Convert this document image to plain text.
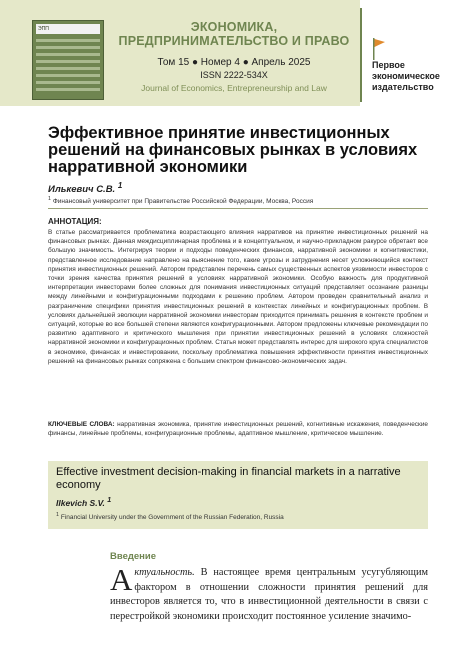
ЭПП	ЭКОНОМИКА,
ПРЕДПРИНИМАТЕЛЬСТВО И ПРАВО
Том 15 ● Номер 4 ● Апрель 2025
ISSN 2222-534X
Journal of Economics, Entrepreneurship and Law
Первое
экономическое
издательство
Эффективное принятие инвестиционных решений на финансовых рынках в условиях нарративной экономики
Илькевич С.В. $^1$
$^1$ Финансовый университет при Правительстве Российской Федерации, Москва, Россия
АННОТАЦИЯ:
В статье рассматривается проблематика возрастающего влияния нарративов на принятие инвестиционных решений на финансовых рынках. Данная междисциплинарная проблема и в концептуальном, и научно-прикладном ракурсе обретает все большую значимость. Интегрируя теории и подходы поведенческих финансов, нарративной экономики и когнитивистики, представленное исследование направлено на выяснение того, какие угрозы и затруднения несет усложняющийся контекст принятия инвестиционных решений. Автором представлен перечень самых существенных аспектов уязвимости инвесторов с точки зрения качества принятия решений в условиях нарративной экономики. Особую важность для продуктивной интерпретации инвесторами более сложных для понимания инвестиционных ситуаций представляет осознание разницы между линейными и конфигурационными подходами к решению проблем. Автором проведен сравнительный анализ и разграничение специфики принятия инвестиционных решений в контекстах линейных и конфигурационных проблем. В условиях дальнейшей эволюции нарративной экономики инвесторам приходится принимать решения в контексте проблем и ситуаций, которые во все большей степени являются конфигурационными. Автором предложены ключевые рекомендации по развитию адаптивного и критического мышления при принятии инвестиционных решений в условиях сложностей нарративной экономики и конфигурационных проблем. Статья может представлять интерес для широкого круга специалистов в экономике, финансах и инвестировании, поскольку проблематика повышения эффективности принятия инвестиционных решений на финансовых рынках сопряжена с большим спектром финансово-экономических задач.
КЛЮЧЕВЫЕ СЛОВА: нарративная экономика, принятие инвестиционных решений, когнитивные искажения, поведенческие финансы, линейные проблемы, конфигурационные проблемы, адаптивное мышление, критическое мышление.
Effective investment decision-making in financial markets in a narrative economy
Ilkevich S.V. $^1$
$^1$ Financial University under the Government of the Russian Federation, Russia
Введение
Актуальность. В настоящее время центральным усугубляющим фактором в отношении сложности принятия решений для инвесторов является то, что в инвестиционной деятельности в связи с перестройкой экономики происходит постоянное усиление значимо-
